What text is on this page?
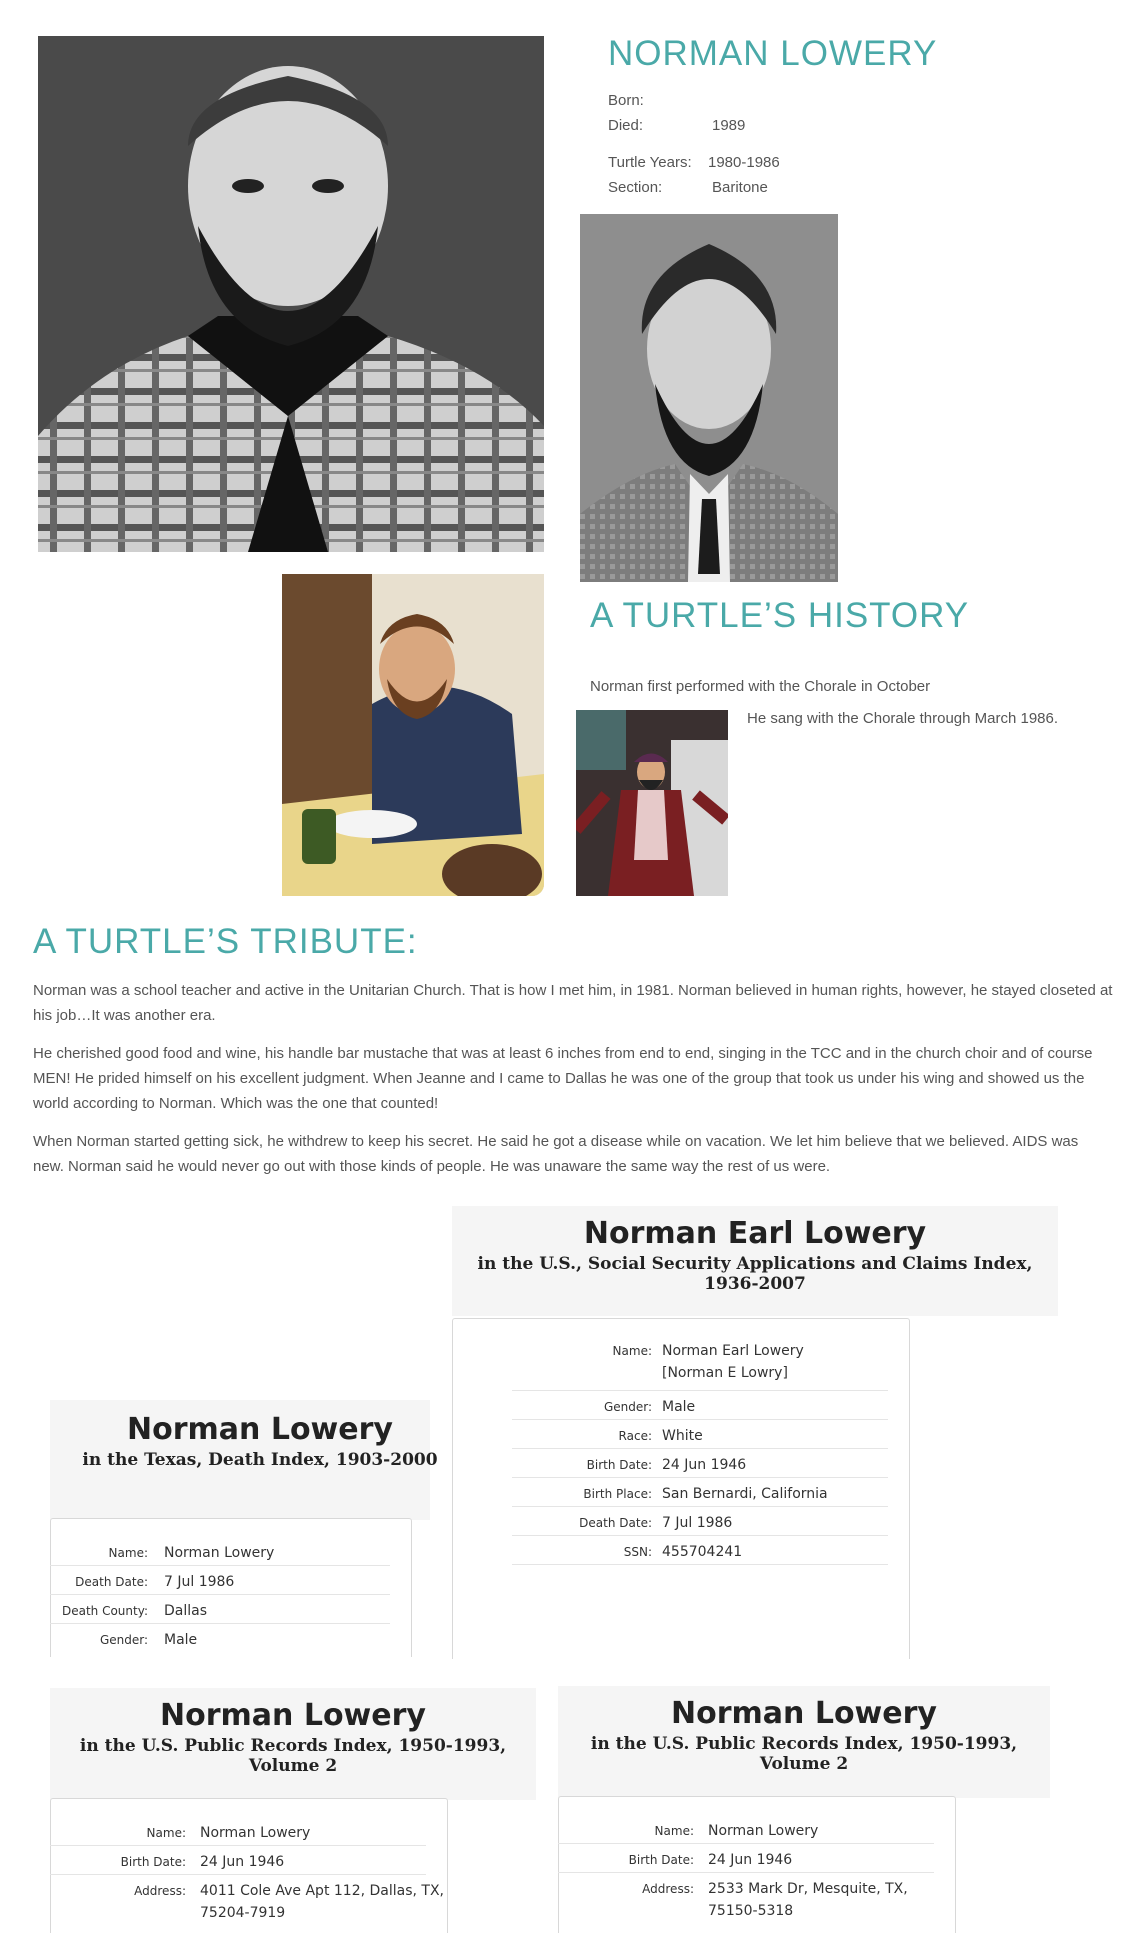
NORMAN LOWERY
Born:
Died:	1989
Turtle Years: 1980-1986
Section:	Baritone
A TURTLE’S HISTORY
Norman first performed with the Chorale in October
He sang with the Chorale through March 1986.
A TURTLE’S TRIBUTE:

Norman was a school teacher and active in the Unitarian Church. That is how I met him, in 1981. Norman believed in human rights, however, he stayed closeted at his job…It was another era.

He cherished good food and wine, his handle bar mustache that was at least 6 inches from end to end, singing in the TCC and in the church choir and of course MEN! He prided himself on his excellent judgment. When Jeanne and I came to Dallas he was one of the group that took us under his wing and showed us the world according to Norman. Which was the one that counted!

When Norman started getting sick, he withdrew to keep his secret. He said he got a disease while on vacation. We let him believe that we believed. AIDS was new. Norman said he would never go out with those kinds of people. He was unaware the same way the rest of us were.

Norman Earl Lowery
in the U.S., Social Security Applications and Claims Index, 1936-2007
Name: Norman Earl Lowery
[Norman E Lowry]
Gender: Male
Race: White
Birth Date: 24 Jun 1946
Birth Place: San Bernardi, California
Death Date: 7 Jul 1986
SSN: 455704241
Norman Lowery
in the Texas, Death Index, 1903-2000
Name: Norman Lowery
Death Date: 7 Jul 1986
Death County: Dallas
Gender: Male
Norman Lowery
in the U.S. Public Records Index, 1950-1993, Volume 2
Name: Norman Lowery
Birth Date: 24 Jun 1946
Address: 4011 Cole Ave Apt 112, Dallas, TX,
75204-7919
Norman Lowery
in the U.S. Public Records Index, 1950-1993, Volume 2
Name: Norman Lowery
Birth Date: 24 Jun 1946
Address: 2533 Mark Dr, Mesquite, TX,
75150-5318
